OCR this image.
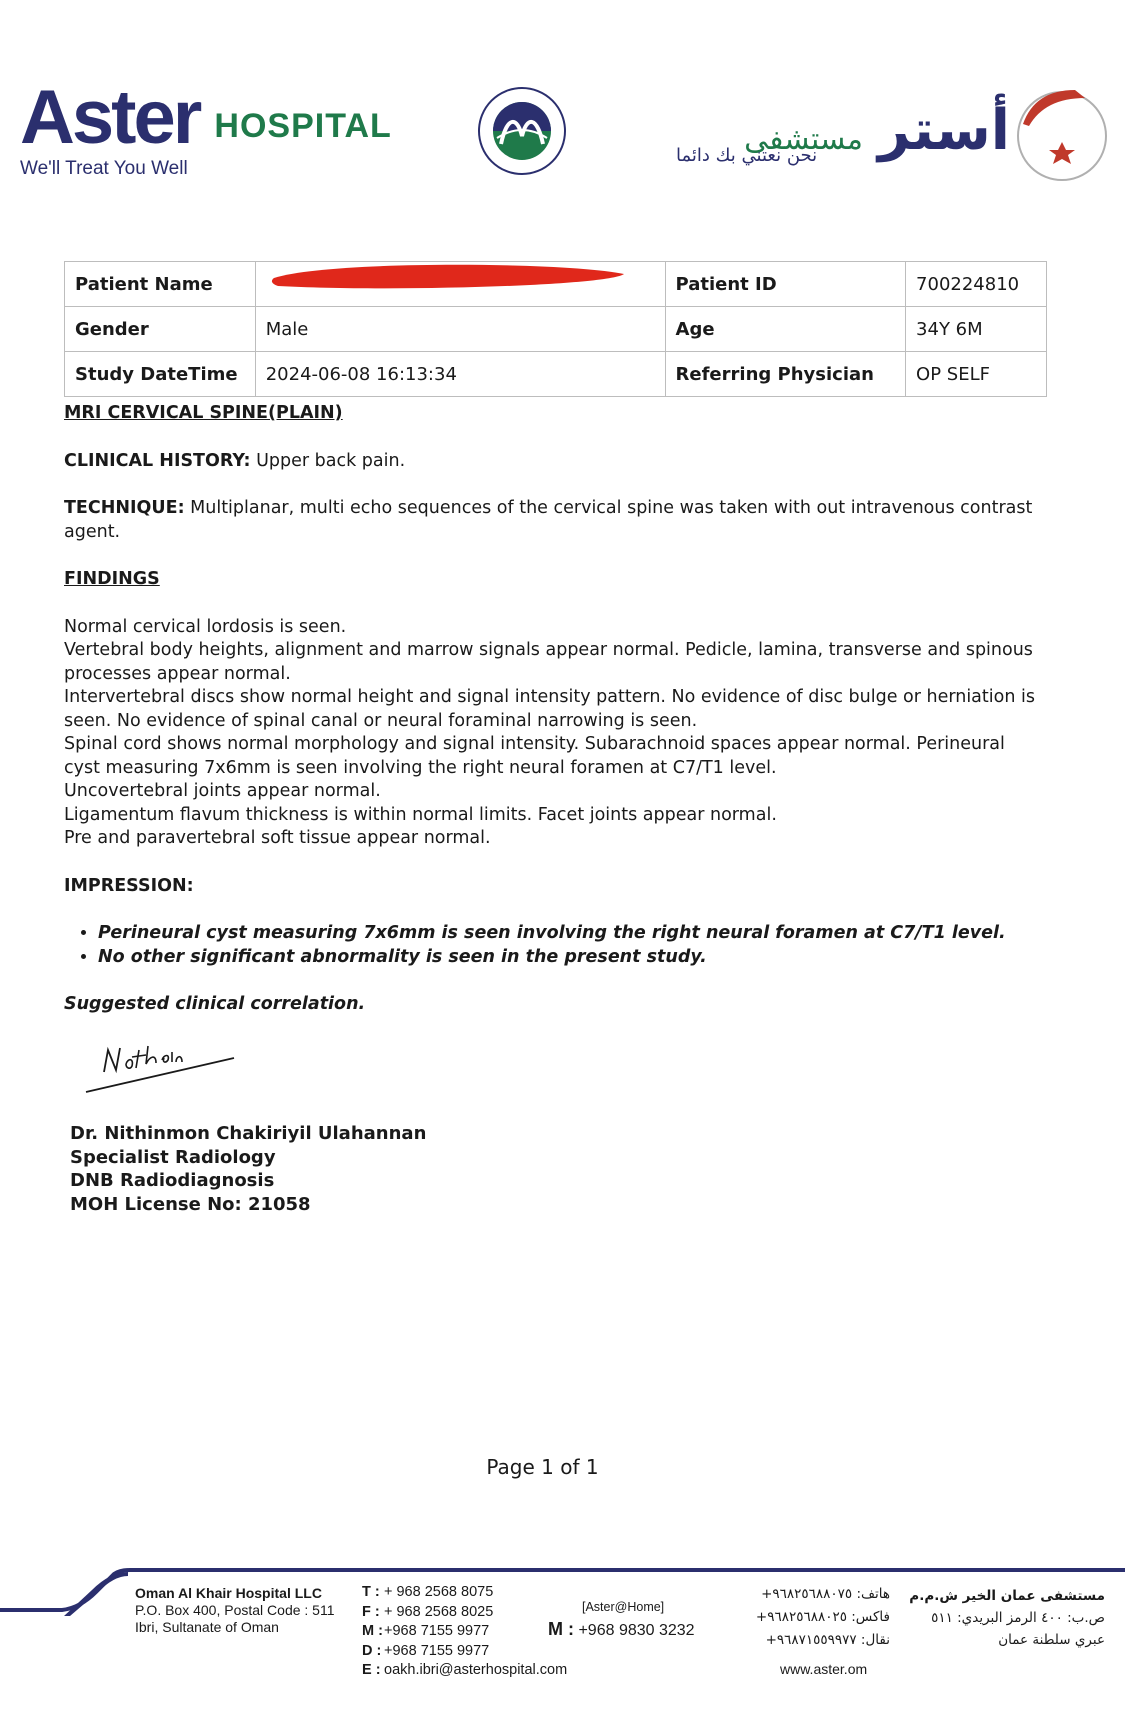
Aster HOSPITAL
We'll Treat You Well
أستر مستشفى
نحن نعتني بك دائما
Patient Name		Patient ID	700224810
Gender	Male	Age	34Y 6M
Study DateTime	2024-06-08 16:13:34	Referring Physician	OP SELF

MRI CERVICAL SPINE(PLAIN)

CLINICAL HISTORY: Upper back pain.

TECHNIQUE: Multiplanar, multi echo sequences of the cervical spine was taken with out intravenous contrast agent.

FINDINGS

Normal cervical lordosis is seen.

Vertebral body heights, alignment and marrow signals appear normal. Pedicle, lamina, transverse and spinous processes appear normal.

Intervertebral discs show normal height and signal intensity pattern. No evidence of disc bulge or herniation is seen. No evidence of spinal canal or neural foraminal narrowing is seen.

Spinal cord shows normal morphology and signal intensity. Subarachnoid spaces appear normal. Perineural cyst measuring 7x6mm is seen involving the right neural foramen at C7/T1 level.

Uncovertebral joints appear normal.

Ligamentum flavum thickness is within normal limits. Facet joints appear normal.

Pre and paravertebral soft tissue appear normal.

IMPRESSION:

• Perineural cyst measuring 7x6mm is seen involving the right neural foramen at C7/T1 level.
• No other significant abnormality is seen in the present study.

Suggested clinical correlation.

Dr. Nithinmon Chakiriyil Ulahannan
Specialist Radiology
DNB Radiodiagnosis
MOH License No: 21058
Page 1 of 1
Oman Al Khair Hospital LLC
P.O. Box 400, Postal Code : 511
Ibri, Sultanate of Oman
T : + 968 2568 8075
F : + 968 2568 8025
M :+968 7155 9977
D : +968 7155 9977
E : oakh.ibri@asterhospital.com
[Aster@Home]
M : +968 9830 3232
هاتف: ٩٦٨٢٥٦٨٨٠٧٥+
فاكس: ٩٦٨٢٥٦٨٨٠٢٥+
نقال: ٩٦٨٧١٥٥٩٩٧٧+
مستشفى عمان الخير ش.م.م
ص.ب: ٤٠٠ الرمز البريدي: ٥١١
عبري سلطنة عمان
www.aster.om
